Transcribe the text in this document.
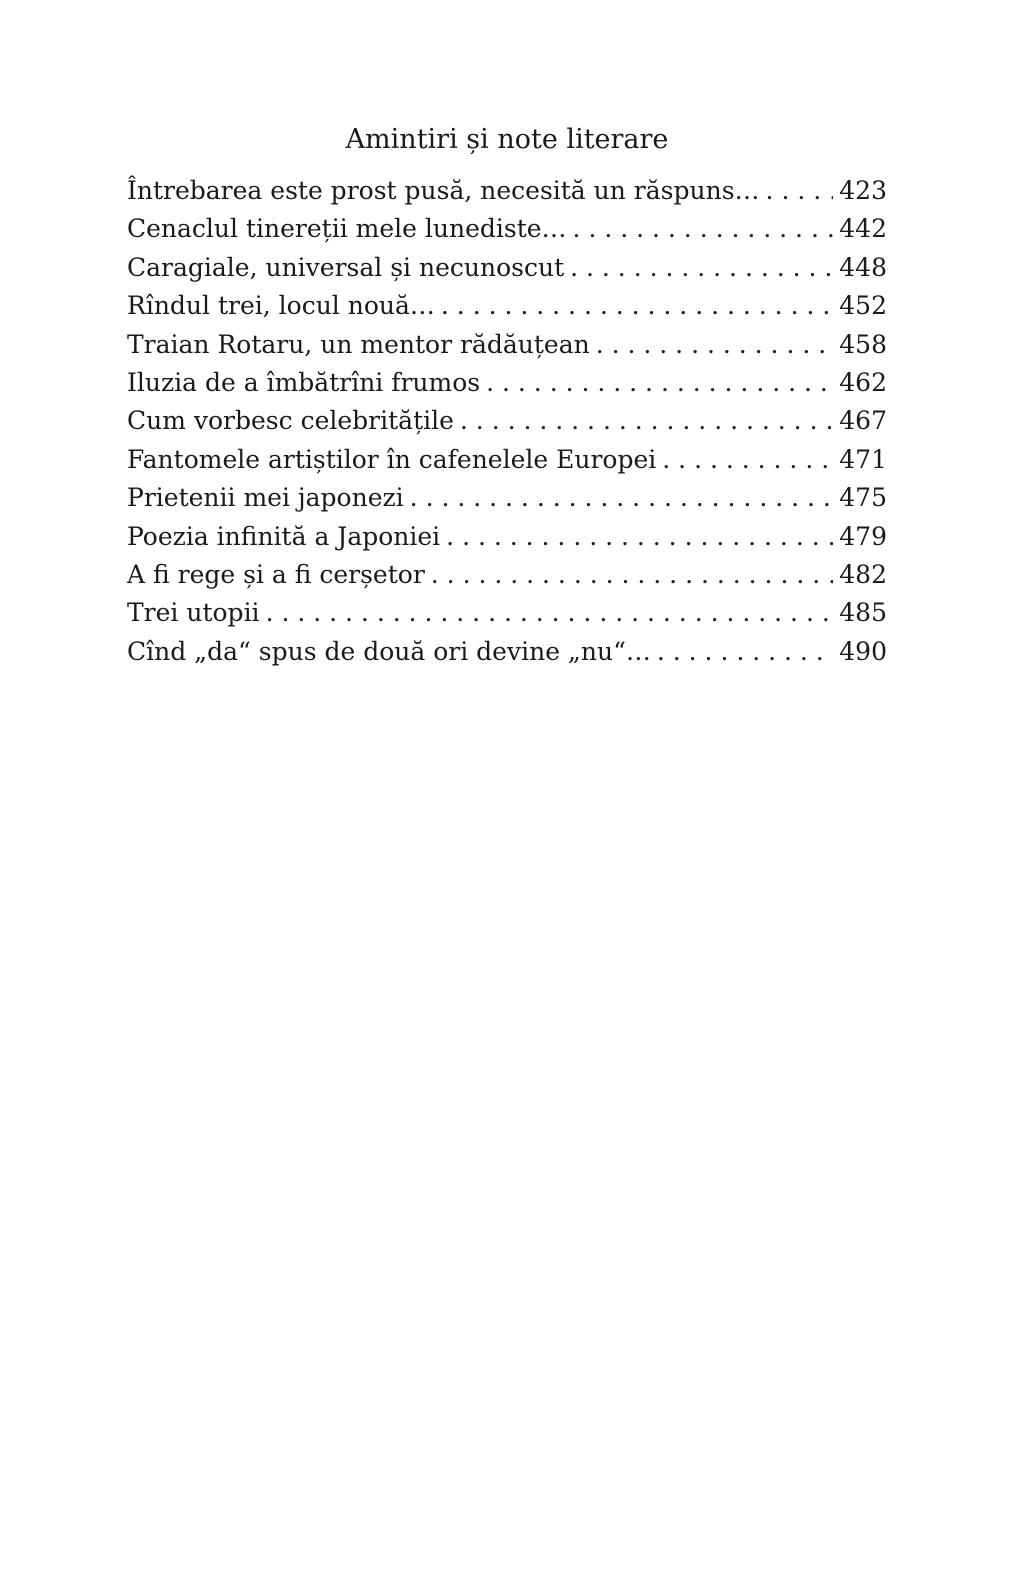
Amintiri și note literare
Întrebarea este prost pusă, necesită un răspuns… . . .	423
Cenaclul tinereții mele lunediste… . . .	442
Caragiale, universal și necunoscut . . .	448
Rîndul trei, locul nouă… . . .	452
Traian Rotaru, un mentor rădăuțean . . .	458
Iluzia de a îmbătrîni frumos . . .	462
Cum vorbesc celebritățile . . .	467
Fantomele artiștilor în cafenelele Europei . . .	471
Prietenii mei japonezi . . .	475
Poezia infinită a Japoniei . . .	479
A fi rege și a fi cerșetor . . .	482
Trei utopii . . .	485
Cînd „da“ spus de două ori devine „nu“… . . .	490
